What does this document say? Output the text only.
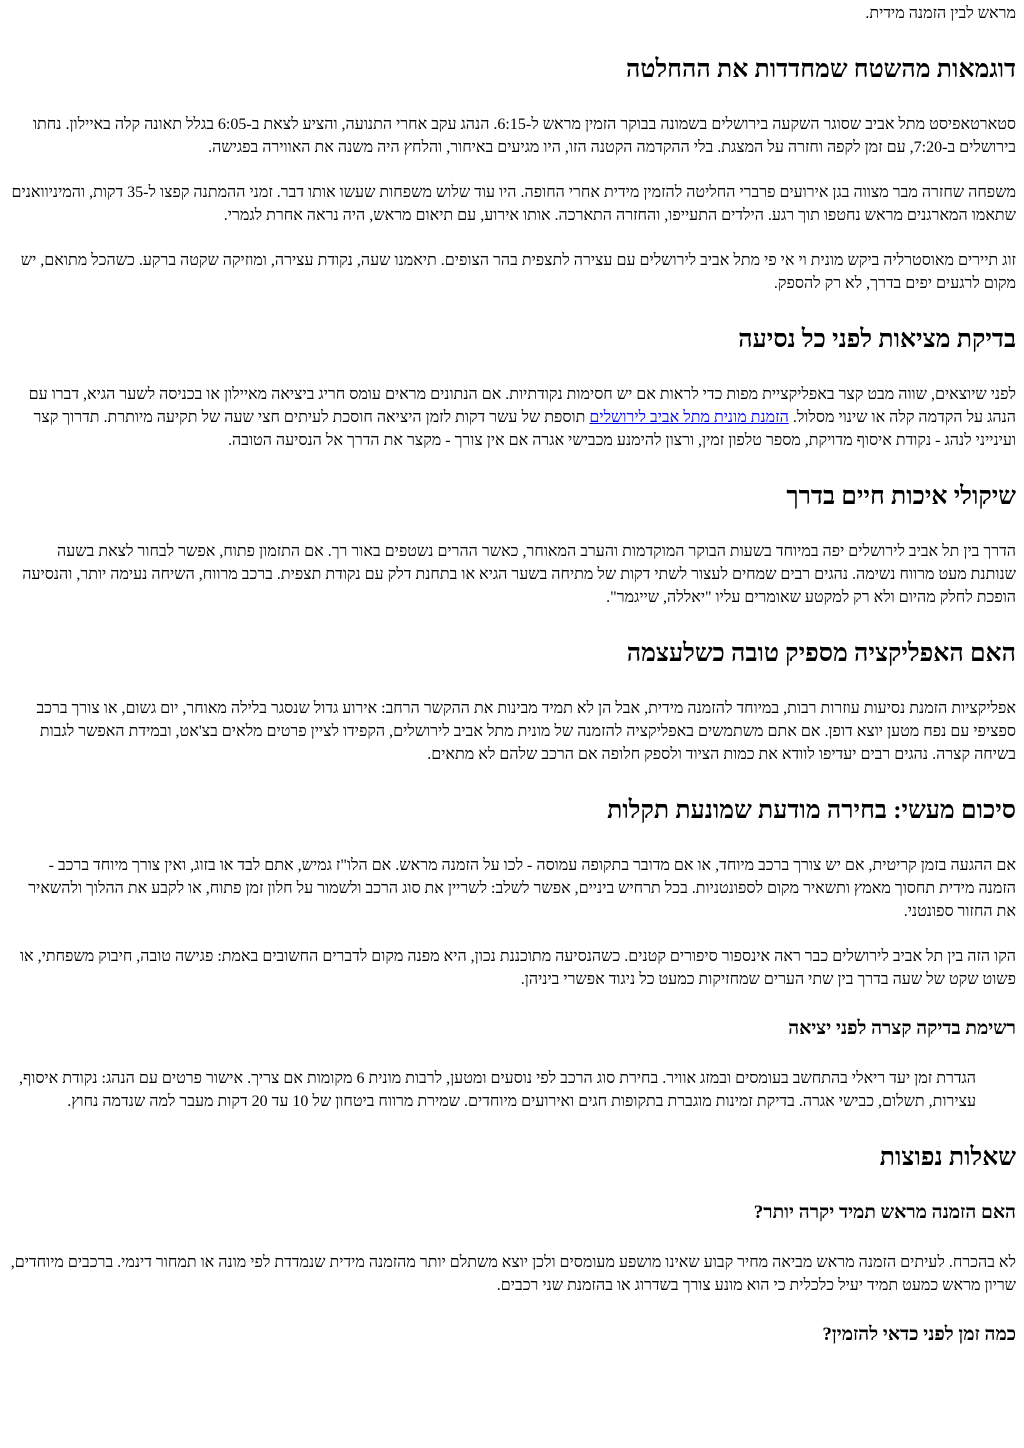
מראש לבין הזמנה מידית.

דוגמאות מהשטח שמחדדות את ההחלטה

סטארטאפיסט מתל אביב שסוגר השקעה בירושלים בשמונה בבוקר הזמין מראש ל-6:15. הנהג עקב אחרי התנועה, והציע לצאת ב-6:05 בגלל תאונה קלה באיילון. נחתו בירושלים ב-7:20, עם זמן לקפה וחזרה על המצגת. בלי ההקדמה הקטנה הזו, היו מגיעים באיחור, והלחץ היה משנה את האווירה בפגישה.

משפחה שחזרה מבר מצווה בגן אירועים פרברי החליטה להזמין מידית אחרי החופה. היו עוד שלוש משפחות שעשו אותו דבר. זמני ההמתנה קפצו ל-35 דקות, והמיניוואנים שתאמו המארגנים מראש נחטפו תוך רגע. הילדים התעייפו, והחזרה התארכה. אותו אירוע, עם תיאום מראש, היה נראה אחרת לגמרי.

זוג תיירים מאוסטרליה ביקש מונית וי אי פי מתל אביב לירושלים עם עצירה לתצפית בהר הצופים. תיאמנו שעה, נקודת עצירה, ומוזיקה שקטה ברקע. כשהכל מתואם, יש מקום לרגעים יפים בדרך, לא רק להספק.

בדיקת מציאות לפני כל נסיעה

לפני שיוצאים, שווה מבט קצר באפליקציית מפות כדי לראות אם יש חסימות נקודתיות. אם הנתונים מראים עומס חריג ביציאה מאיילון או בכניסה לשער הגיא, דברו עם הנהג על הקדמה קלה או שינוי מסלול. הזמנת מונית מתל אביב לירושלים תוספת של עשר דקות לזמן היציאה חוסכת לעיתים חצי שעה של תקיעה מיותרת. תדרוך קצר ועינייני לנהג - נקודת איסוף מדויקת, מספר טלפון זמין, ורצון להימנע מכבישי אגרה אם אין צורך - מקצר את הדרך אל הנסיעה הטובה.

שיקולי איכות חיים בדרך

הדרך בין תל אביב לירושלים יפה במיוחד בשעות הבוקר המוקדמות והערב המאוחר, כאשר ההרים נשטפים באור רך. אם התזמון פתוח, אפשר לבחור לצאת בשעה שנותנת מעט מרווח נשימה. נהגים רבים שמחים לעצור לשתי דקות של מתיחה בשער הגיא או בתחנת דלק עם נקודת תצפית. ברכב מרווח, השיחה נעימה יותר, והנסיעה הופכת לחלק מהיום ולא רק למקטע שאומרים עליו "יאללה, שייגמר".

האם האפליקציה מספיק טובה כשלעצמה

אפליקציות הזמנת נסיעות עוזרות רבות, במיוחד להזמנה מידית, אבל הן לא תמיד מבינות את ההקשר הרחב: אירוע גדול שנסגר בלילה מאוחר, יום גשום, או צורך ברכב ספציפי עם נפח מטען יוצא דופן. אם אתם משתמשים באפליקציה להזמנה של מונית מתל אביב לירושלים, הקפידו לציין פרטים מלאים בצ'אט, ובמידת האפשר לגבות בשיחה קצרה. נהגים רבים יעדיפו לוודא את כמות הציוד ולספק חלופה אם הרכב שלהם לא מתאים.

סיכום מעשי: בחירה מודעת שמונעת תקלות

אם ההגעה בזמן קריטית, אם יש צורך ברכב מיוחד, או אם מדובר בתקופה עמוסה - לכו על הזמנה מראש. אם הלו"ז גמיש, אתם לבד או בזוג, ואין צורך מיוחד ברכב - הזמנה מידית תחסוך מאמץ ותשאיר מקום לספונטניות. בכל תרחיש ביניים, אפשר לשלב: לשריין את סוג הרכב ולשמור על חלון זמן פתוח, או לקבע את ההלוך ולהשאיר את החזור ספונטני.

הקו הזה בין תל אביב לירושלים כבר ראה אינספור סיפורים קטנים. כשהנסיעה מתוכננת נכון, היא מפנה מקום לדברים החשובים באמת: פגישה טובה, חיבוק משפחתי, או פשוט שקט של שעה בדרך בין שתי הערים שמחזיקות כמעט כל ניגוד אפשרי ביניהן.

רשימת בדיקה קצרה לפני יציאה
הגדרת זמן יעד ריאלי בהתחשב בעומסים ובמזג אוויר. בחירת סוג הרכב לפי נוסעים ומטען, לרבות מונית 6 מקומות אם צריך. אישור פרטים עם הנהג: נקודת איסוף, עצירות, תשלום, כבישי אגרה. בדיקת זמינות מוגברת בתקופות חגים ואירועים מיוחדים. שמירת מרווח ביטחון של 10 עד 20 דקות מעבר למה שנדמה נחוץ.
שאלות נפוצות
האם הזמנה מראש תמיד יקרה יותר?

לא בהכרח. לעיתים הזמנה מראש מביאה מחיר קבוע שאינו מושפע מעומסים ולכן יוצא משתלם יותר מהזמנה מידית שנמדדת לפי מונה או תמחור דינמי. ברכבים מיוחדים, שריון מראש כמעט תמיד יעיל כלכלית כי הוא מונע צורך בשדרוג או בהזמנת שני רכבים.

כמה זמן לפני כדאי להזמין?
